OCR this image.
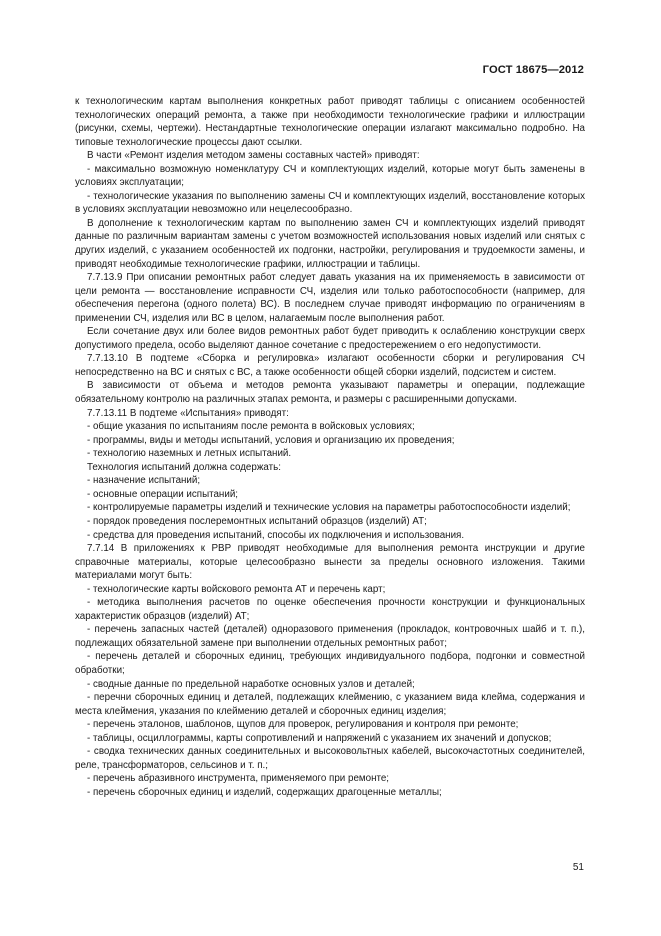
ГОСТ 18675—2012

к технологическим картам выполнения конкретных работ приводят таблицы с описанием особенностей технологических операций ремонта, а также при необходимости технологические графики и иллюстрации (рисунки, схемы, чертежи). Нестандартные технологические операции излагают максимально подробно. На типовые технологические процессы дают ссылки.

В части «Ремонт изделия методом замены составных частей» приводят:

- максимально возможную номенклатуру СЧ и комплектующих изделий, которые могут быть заменены в условиях эксплуатации;

- технологические указания по выполнению замены СЧ и комплектующих изделий, восстановление которых в условиях эксплуатации невозможно или нецелесообразно.

В дополнение к технологическим картам по выполнению замен СЧ и комплектующих изделий приводят данные по различным вариантам замены с учетом возможностей использования новых изделий или снятых с других изделий, с указанием особенностей их подгонки, настройки, регулирования и трудоемкости замены, и приводят необходимые технологические графики, иллюстрации и таблицы.

7.7.13.9 При описании ремонтных работ следует давать указания на их применяемость в зависимости от цели ремонта — восстановление исправности СЧ, изделия или только работоспособности (например, для обеспечения перегона (одного полета) ВС). В последнем случае приводят информацию по ограничениям в применении СЧ, изделия или ВС в целом, налагаемым после выполнения работ.

Если сочетание двух или более видов ремонтных работ будет приводить к ослаблению конструкции сверх допустимого предела, особо выделяют данное сочетание с предостережением о его недопустимости.

7.7.13.10 В подтеме «Сборка и регулировка» излагают особенности сборки и регулирования СЧ непосредственно на ВС и снятых с ВС, а также особенности общей сборки изделий, подсистем и систем.

В зависимости от объема и методов ремонта указывают параметры и операции, подлежащие обязательному контролю на различных этапах ремонта, и размеры с расширенными допусками.

7.7.13.11 В подтеме «Испытания» приводят:

- общие указания по испытаниям после ремонта в войсковых условиях;

- программы, виды и методы испытаний, условия и организацию их проведения;

- технологию наземных и летных испытаний.

Технология испытаний должна содержать:

- назначение испытаний;

- основные операции испытаний;

- контролируемые параметры изделий и технические условия на параметры работоспособности изделий;

- порядок проведения послеремонтных испытаний образцов (изделий) АТ;

- средства для проведения испытаний, способы их подключения и использования.

7.7.14 В приложениях к РВР приводят необходимые для выполнения ремонта инструкции и другие справочные материалы, которые целесообразно вынести за пределы основного изложения. Такими материалами могут быть:

- технологические карты войскового ремонта АТ и перечень карт;

- методика выполнения расчетов по оценке обеспечения прочности конструкции и функциональных характеристик образцов (изделий) АТ;

- перечень запасных частей (деталей) одноразового применения (прокладок, контровочных шайб и т. п.), подлежащих обязательной замене при выполнении отдельных ремонтных работ;

- перечень деталей и сборочных единиц, требующих индивидуального подбора, подгонки и совместной обработки;

- сводные данные по предельной наработке основных узлов и деталей;

- перечни сборочных единиц и деталей, подлежащих клеймению, с указанием вида клейма, содержания и места клеймения, указания по клеймению деталей и сборочных единиц изделия;

- перечень эталонов, шаблонов, щупов для проверок, регулирования и контроля при ремонте;

- таблицы, осциллограммы, карты сопротивлений и напряжений с указанием их значений и допусков;

- сводка технических данных соединительных и высоковольтных кабелей, высокочастотных соединителей, реле, трансформаторов, сельсинов и т. п.;

- перечень абразивного инструмента, применяемого при ремонте;

- перечень сборочных единиц и изделий, содержащих драгоценные металлы;

51
